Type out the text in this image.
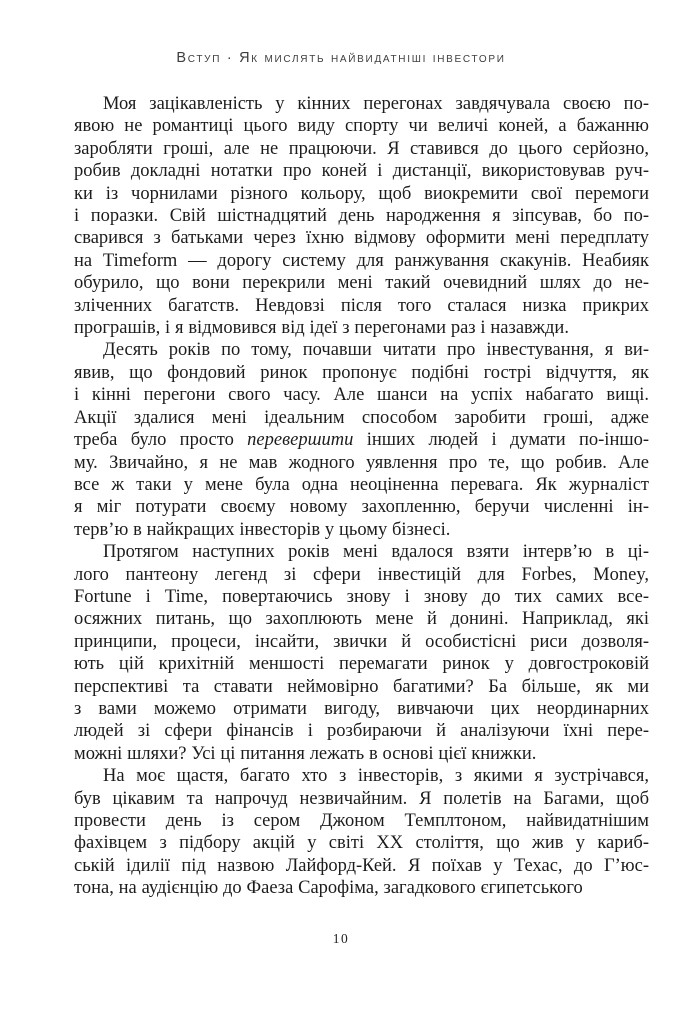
Вступ · Як мислять найвидатніші інвестори
Моя зацікавленість у кінних перегонах завдячувала своєю по-
явою не романтиці цього виду спорту чи величі коней, а бажанню
заробляти гроші, але не працюючи. Я ставився до цього серйозно,
робив докладні нотатки про коней і дистанції, використовував руч-
ки із чорнилами різного кольору, щоб виокремити свої перемоги
і поразки. Свій шістнадцятий день народження я зіпсував, бо по-
сварився з батьками через їхню відмову оформити мені передплату
на Timeform — дорогу систему для ранжування скакунів. Неабияк
обурило, що вони перекрили мені такий очевидний шлях до не-
зліченних багатств. Невдовзі після того сталася низка прикрих
програшів, і я відмовився від ідеї з перегонами раз і назавжди.
Десять років по тому, почавши читати про інвестування, я ви-
явив, що фондовий ринок пропонує подібні гострі відчуття, як
і кінні перегони свого часу. Але шанси на успіх набагато вищі.
Акції здалися мені ідеальним способом заробити гроші, адже
треба було просто перевершити інших людей і думати по-іншо-
му. Звичайно, я не мав жодного уявлення про те, що робив. Але
все ж таки у мене була одна неоціненна перевага. Як журналіст
я міг потурати своєму новому захопленню, беручи численні ін-
терв’ю в найкращих інвесторів у цьому бізнесі.
Протягом наступних років мені вдалося взяти інтерв’ю в ці-
лого пантеону легенд зі сфери інвестицій для Forbes, Money,
Fortune і Time, повертаючись знову і знову до тих самих все-
осяжних питань, що захоплюють мене й донині. Наприклад, які
принципи, процеси, інсайти, звички й особистісні риси дозволя-
ють цій крихітній меншості перемагати ринок у довгостроковій
перспективі та ставати неймовірно багатими? Ба більше, як ми
з вами можемо отримати вигоду, вивчаючи цих неординарних
людей зі сфери фінансів і розбираючи й аналізуючи їхні пере-
можні шляхи? Усі ці питання лежать в основі цієї книжки.
На моє щастя, багато хто з інвесторів, з якими я зустрічався,
був цікавим та напрочуд незвичайним. Я полетів на Багами, щоб
провести день із сером Джоном Темплтоном, найвидатнішим
фахівцем з підбору акцій у світі ХХ століття, що жив у кариб-
ській ідилії під назвою Лайфорд-Кей. Я поїхав у Техас, до Г’юс-
тона, на аудієнцію до Фаеза Сарофіма, загадкового єгипетського
10
